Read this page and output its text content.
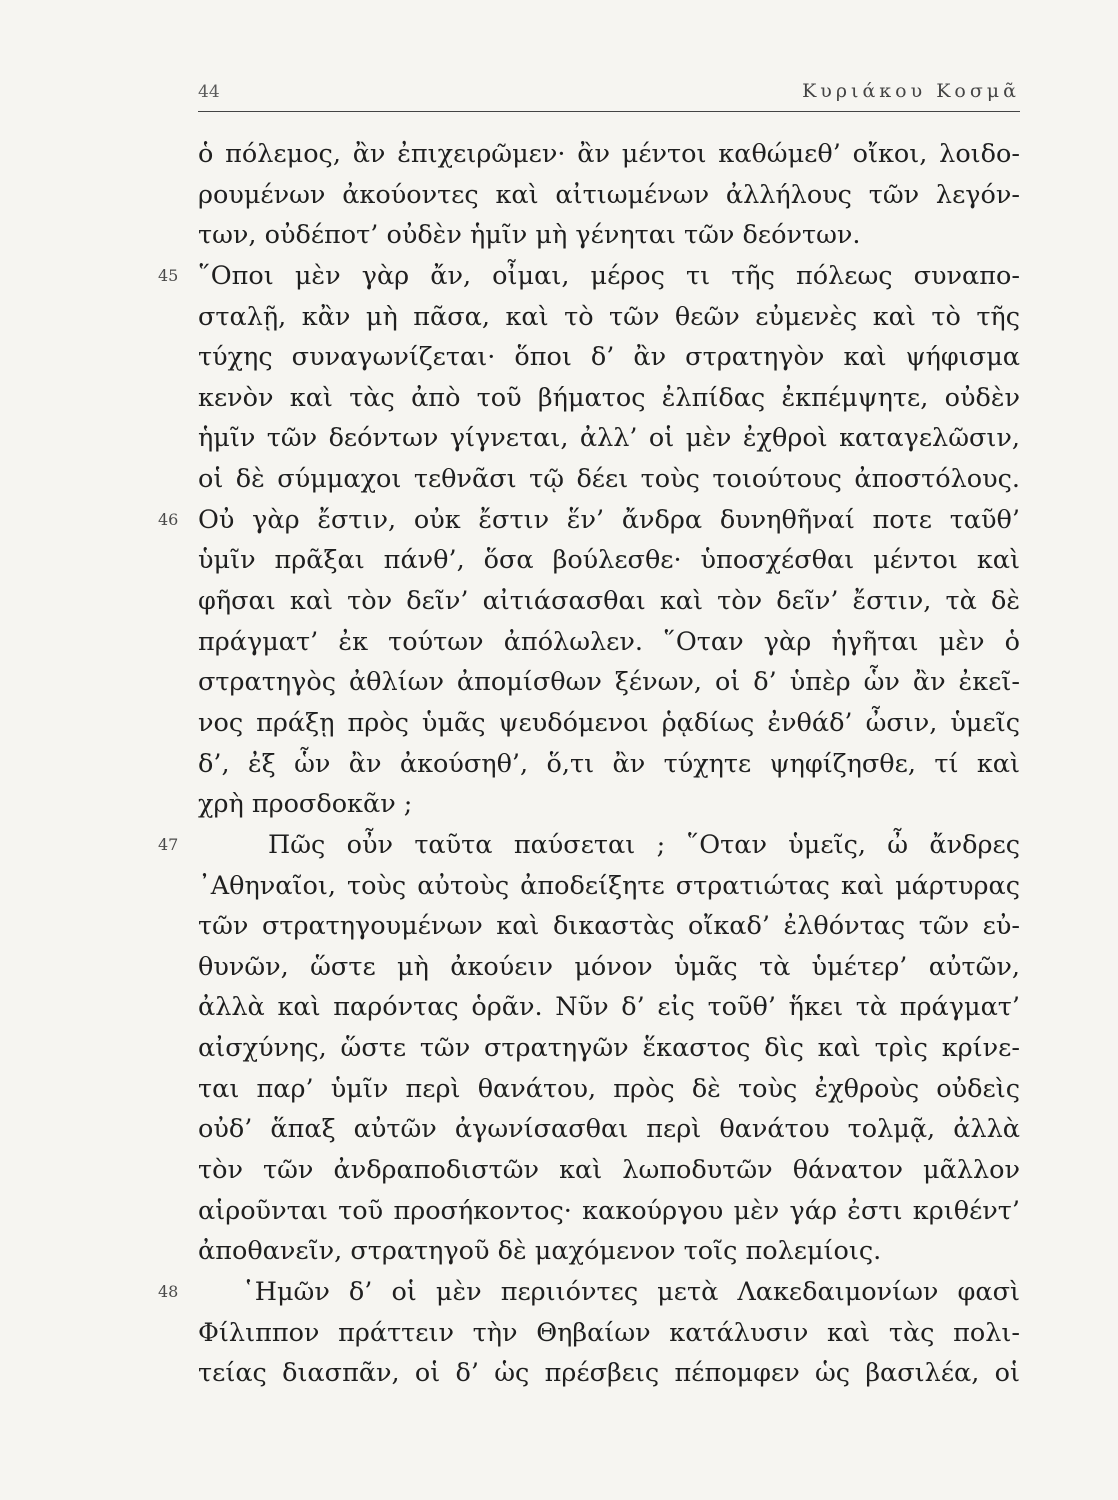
44	Κυριάκου Κοσμᾶ
ὁ πόλεμος, ἂν ἐπιχειρῶμεν· ἂν μέντοι καθώμεθ’ οἴκοι, λοιδο-
ρουμένων ἀκούοντες καὶ αἰτιωμένων ἀλλήλους τῶν λεγόν-
των, οὐδέποτ’ οὐδὲν ἡμῖν μὴ γένηται τῶν δεόντων.
45 ῞Οποι μὲν γὰρ ἄν, οἶμαι, μέρος τι τῆς πόλεως συναπο-
σταλῇ, κἂν μὴ πᾶσα, καὶ τὸ τῶν θεῶν εὐμενὲς καὶ τὸ τῆς
τύχης συναγωνίζεται· ὅποι δ’ ἂν στρατηγὸν καὶ ψήφισμα
κενὸν καὶ τὰς ἀπὸ τοῦ βήματος ἐλπίδας ἐκπέμψητε, οὐδὲν
ἡμῖν τῶν δεόντων γίγνεται, ἀλλ’ οἱ μὲν ἐχθροὶ καταγελῶσιν,
οἱ δὲ σύμμαχοι τεθνᾶσι τῷ δέει τοὺς τοιούτους ἀποστόλους.
46 Οὐ γὰρ ἔστιν, οὐκ ἔστιν ἕν’ ἄνδρα δυνηθῆναί ποτε ταῦθ’
ὑμῖν πρᾶξαι πάνθ’, ὅσα βούλεσθε· ὑποσχέσθαι μέντοι καὶ
φῆσαι καὶ τὸν δεῖν’ αἰτιάσασθαι καὶ τὸν δεῖν’ ἔστιν, τὰ δὲ
πράγματ’ ἐκ τούτων ἀπόλωλεν. ῞Οταν γὰρ ἡγῆται μὲν ὁ
στρατηγὸς ἀθλίων ἀπομίσθων ξένων, οἱ δ’ ὑπὲρ ὧν ἂν ἐκεῖ-
νος πράξῃ πρὸς ὑμᾶς ψευδόμενοι ῥᾳδίως ἐνθάδ’ ὦσιν, ὑμεῖς
δ’, ἐξ ὧν ἂν ἀκούσηθ’, ὅ,τι ἂν τύχητε ψηφίζησθε, τί καὶ
χρὴ προσδοκᾶν ;
47	Πῶς οὖν ταῦτα παύσεται ; ῞Οταν ὑμεῖς, ὦ ἄνδρες
᾽Αθηναῖοι, τοὺς αὐτοὺς ἀποδείξητε στρατιώτας καὶ μάρτυρας
τῶν στρατηγουμένων καὶ δικαστὰς οἴκαδ’ ἐλθόντας τῶν εὐ-
θυνῶν, ὥστε μὴ ἀκούειν μόνον ὑμᾶς τὰ ὑμέτερ’ αὐτῶν,
ἀλλὰ καὶ παρόντας ὁρᾶν. Νῦν δ’ εἰς τοῦθ’ ἥκει τὰ πράγματ’
αἰσχύνης, ὥστε τῶν στρατηγῶν ἕκαστος δὶς καὶ τρὶς κρίνε-
ται παρ’ ὑμῖν περὶ θανάτου, πρὸς δὲ τοὺς ἐχθροὺς οὐδεὶς
οὐδ’ ἅπαξ αὐτῶν ἀγωνίσασθαι περὶ θανάτου τολμᾷ, ἀλλὰ
τὸν τῶν ἀνδραποδιστῶν καὶ λωποδυτῶν θάνατον μᾶλλον
αἱροῦνται τοῦ προσήκοντος· κακούργου μὲν γάρ ἐστι κριθέντ’
ἀποθανεῖν, στρατηγοῦ δὲ μαχόμενον τοῖς πολεμίοις.
48 ῾Ημῶν δ’ οἱ μὲν περιιόντες μετὰ Λακεδαιμονίων φασὶ
Φίλιππον πράττειν τὴν Θηβαίων κατάλυσιν καὶ τὰς πολι-
τείας διασπᾶν, οἱ δ’ ὡς πρέσβεις πέπομφεν ὡς βασιλέα, οἱ
